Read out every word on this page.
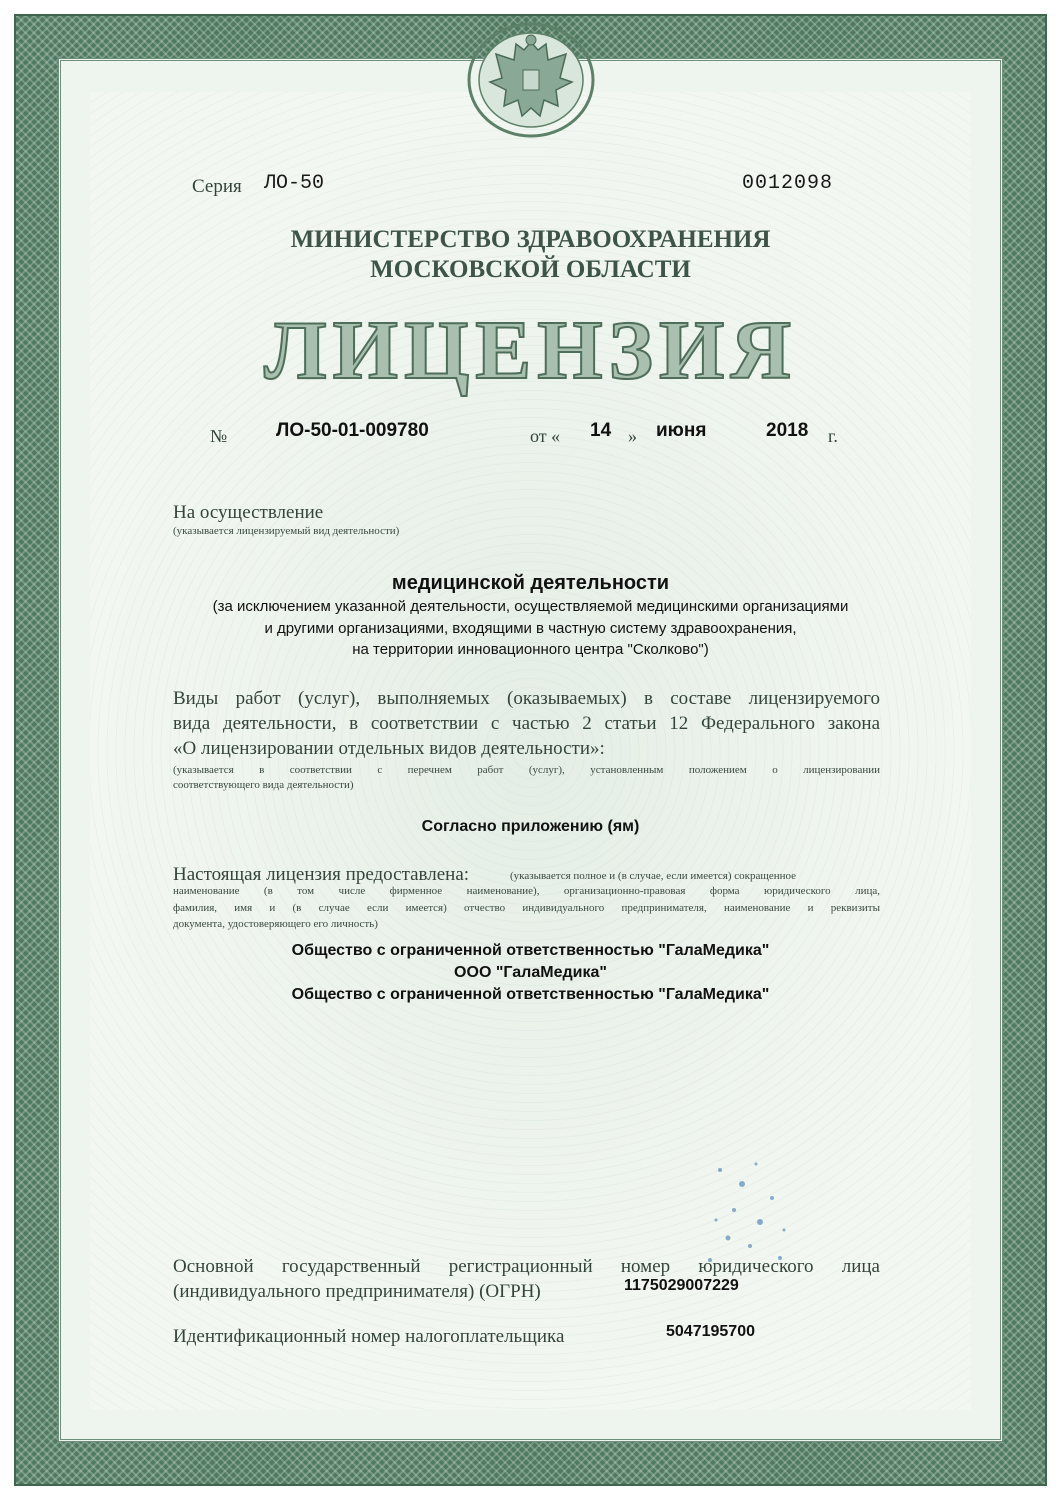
Серия ЛО-50	0012098
МИНИСТЕРСТВО ЗДРАВООХРАНЕНИЯ
МОСКОВСКОЙ ОБЛАСТИ
ЛИЦЕНЗИЯ
№	ЛО-50-01-009780	от « 14 » июня	2018 г.
На осуществление
(указывается лицензируемый вид деятельности)
медицинской деятельности
(за исключением указанной деятельности, осуществляемой медицинскими организациями
и другими организациями, входящими в частную систему здравоохранения,
на территории инновационного центра "Сколково")
Виды работ (услуг), выполняемых (оказываемых) в составе лицензируемого
вида деятельности, в соответствии с частью 2 статьи 12 Федерального закона
«О лицензировании отдельных видов деятельности»:
(указывается в соответствии с перечнем работ (услуг), установленным положением о лицензировании
соответствующего вида деятельности)
Согласно приложению (ям)
Настоящая лицензия предоставлена:	(указывается полное и (в случае, если имеется) сокращенное
наименование (в том числе фирменное наименование), организационно-правовая форма юридического лица,
фамилия, имя и (в случае если имеется) отчество индивидуального предпринимателя, наименование и реквизиты
документа, удостоверяющего его личность)
Общество с ограниченной ответственностью "ГалаМедика"
ООО "ГалаМедика"
Общество с ограниченной ответственностью "ГалаМедика"
Основной государственный регистрационный номер юридического лица
(индивидуального предпринимателя) (ОГРН)	1175029007229
Идентификационный номер налогоплательщика	5047195700
